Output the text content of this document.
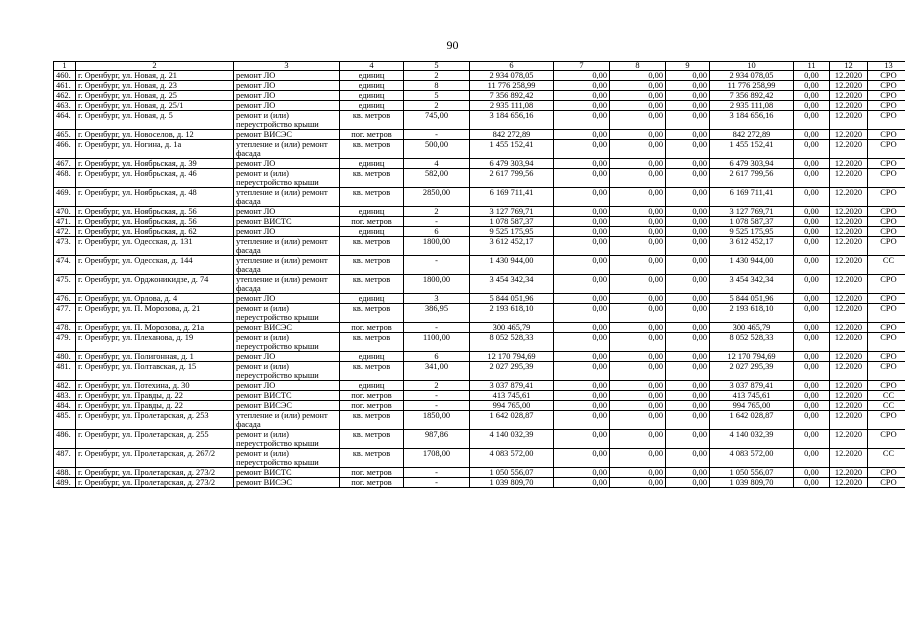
90
1	2	3	4	5	6	7	8	9	10	11	12	13
460.	г. Оренбург, ул. Новая, д. 21	ремонт ЛО	единиц	2	2 934 078,05	0,00	0,00	0,00	2 934 078,05	0,00	12.2020	СРО
461.	г. Оренбург, ул. Новая, д. 23	ремонт ЛО	единиц	8	11 776 258,99	0,00	0,00	0,00	11 776 258,99	0,00	12.2020	СРО
462.	г. Оренбург, ул. Новая, д. 25	ремонт ЛО	единиц	5	7 356 892,42	0,00	0,00	0,00	7 356 892,42	0,00	12.2020	СРО
463.	г. Оренбург, ул. Новая, д. 25/1	ремонт ЛО	единиц	2	2 935 111,08	0,00	0,00	0,00	2 935 111,08	0,00	12.2020	СРО
464.	г. Оренбург, ул. Новая, д. 5	ремонт и (или) переустройство крыши	кв. метров	745,00	3 184 656,16	0,00	0,00	0,00	3 184 656,16	0,00	12.2020	СРО
465.	г. Оренбург, ул. Новоселов, д. 12	ремонт ВИСЭС	пог. метров	-	842 272,89	0,00	0,00	0,00	842 272,89	0,00	12.2020	СРО
466.	г. Оренбург, ул. Ногина, д. 1а	утепление и (или) ремонт фасада	кв. метров	500,00	1 455 152,41	0,00	0,00	0,00	1 455 152,41	0,00	12.2020	СРО
467.	г. Оренбург, ул. Ноябрьская, д. 39	ремонт ЛО	единиц	4	6 479 303,94	0,00	0,00	0,00	6 479 303,94	0,00	12.2020	СРО
468.	г. Оренбург, ул. Ноябрьская, д. 46	ремонт и (или) переустройство крыши	кв. метров	582,00	2 617 799,56	0,00	0,00	0,00	2 617 799,56	0,00	12.2020	СРО
469.	г. Оренбург, ул. Ноябрьская, д. 48	утепление и (или) ремонт фасада	кв. метров	2850,00	6 169 711,41	0,00	0,00	0,00	6 169 711,41	0,00	12.2020	СРО
470.	г. Оренбург, ул. Ноябрьская, д. 56	ремонт ЛО	единиц	2	3 127 769,71	0,00	0,00	0,00	3 127 769,71	0,00	12.2020	СРО
471.	г. Оренбург, ул. Ноябрьская, д. 56	ремонт ВИСТС	пог. метров	-	1 078 587,37	0,00	0,00	0,00	1 078 587,37	0,00	12.2020	СРО
472.	г. Оренбург, ул. Ноябрьская, д. 62	ремонт ЛО	единиц	6	9 525 175,95	0,00	0,00	0,00	9 525 175,95	0,00	12.2020	СРО
473.	г. Оренбург, ул. Одесская, д. 131	утепление и (или) ремонт фасада	кв. метров	1800,00	3 612 452,17	0,00	0,00	0,00	3 612 452,17	0,00	12.2020	СРО
474.	г. Оренбург, ул. Одесская, д. 144	утепление и (или) ремонт фасада	кв. метров	-	1 430 944,00	0,00	0,00	0,00	1 430 944,00	0,00	12.2020	СС
475.	г. Оренбург, ул. Орджоникидзе, д. 74	утепление и (или) ремонт фасада	кв. метров	1800,00	3 454 342,34	0,00	0,00	0,00	3 454 342,34	0,00	12.2020	СРО
476.	г. Оренбург, ул. Орлова, д. 4	ремонт ЛО	единиц	3	5 844 051,96	0,00	0,00	0,00	5 844 051,96	0,00	12.2020	СРО
477.	г. Оренбург, ул. П. Морозова, д. 21	ремонт и (или) переустройство крыши	кв. метров	386,95	2 193 618,10	0,00	0,00	0,00	2 193 618,10	0,00	12.2020	СРО
478.	г. Оренбург, ул. П. Морозова, д. 21а	ремонт ВИСЭС	пог. метров	-	300 465,79	0,00	0,00	0,00	300 465,79	0,00	12.2020	СРО
479.	г. Оренбург, ул. Плеханова, д. 19	ремонт и (или) переустройство крыши	кв. метров	1100,00	8 052 528,33	0,00	0,00	0,00	8 052 528,33	0,00	12.2020	СРО
480.	г. Оренбург, ул. Полигонная, д. 1	ремонт ЛО	единиц	6	12 170 794,69	0,00	0,00	0,00	12 170 794,69	0,00	12.2020	СРО
481.	г. Оренбург, ул. Полтавская, д. 15	ремонт и (или) переустройство крыши	кв. метров	341,00	2 027 295,39	0,00	0,00	0,00	2 027 295,39	0,00	12.2020	СРО
482.	г. Оренбург, ул. Потехина, д. 30	ремонт ЛО	единиц	2	3 037 879,41	0,00	0,00	0,00	3 037 879,41	0,00	12.2020	СРО
483.	г. Оренбург, ул. Правды, д. 22	ремонт ВИСТС	пог. метров	-	413 745,61	0,00	0,00	0,00	413 745,61	0,00	12.2020	СС
484.	г. Оренбург, ул. Правды, д. 22	ремонт ВИСЭС	пог. метров	-	994 765,00	0,00	0,00	0,00	994 765,00	0,00	12.2020	СС
485.	г. Оренбург, ул. Пролетарская, д. 253	утепление и (или) ремонт фасада	кв. метров	1850,00	1 642 028,87	0,00	0,00	0,00	1 642 028,87	0,00	12.2020	СРО
486.	г. Оренбург, ул. Пролетарская, д. 255	ремонт и (или) переустройство крыши	кв. метров	987,86	4 140 032,39	0,00	0,00	0,00	4 140 032,39	0,00	12.2020	СРО
487.	г. Оренбург, ул. Пролетарская, д. 267/2	ремонт и (или) переустройство крыши	кв. метров	1708,00	4 083 572,00	0,00	0,00	0,00	4 083 572,00	0,00	12.2020	СС
488.	г. Оренбург, ул. Пролетарская, д. 273/2	ремонт ВИСТС	пог. метров	-	1 050 556,07	0,00	0,00	0,00	1 050 556,07	0,00	12.2020	СРО
489.	г. Оренбург, ул. Пролетарская, д. 273/2	ремонт ВИСЭС	пог. метров	-	1 039 809,70	0,00	0,00	0,00	1 039 809,70	0,00	12.2020	СРО
